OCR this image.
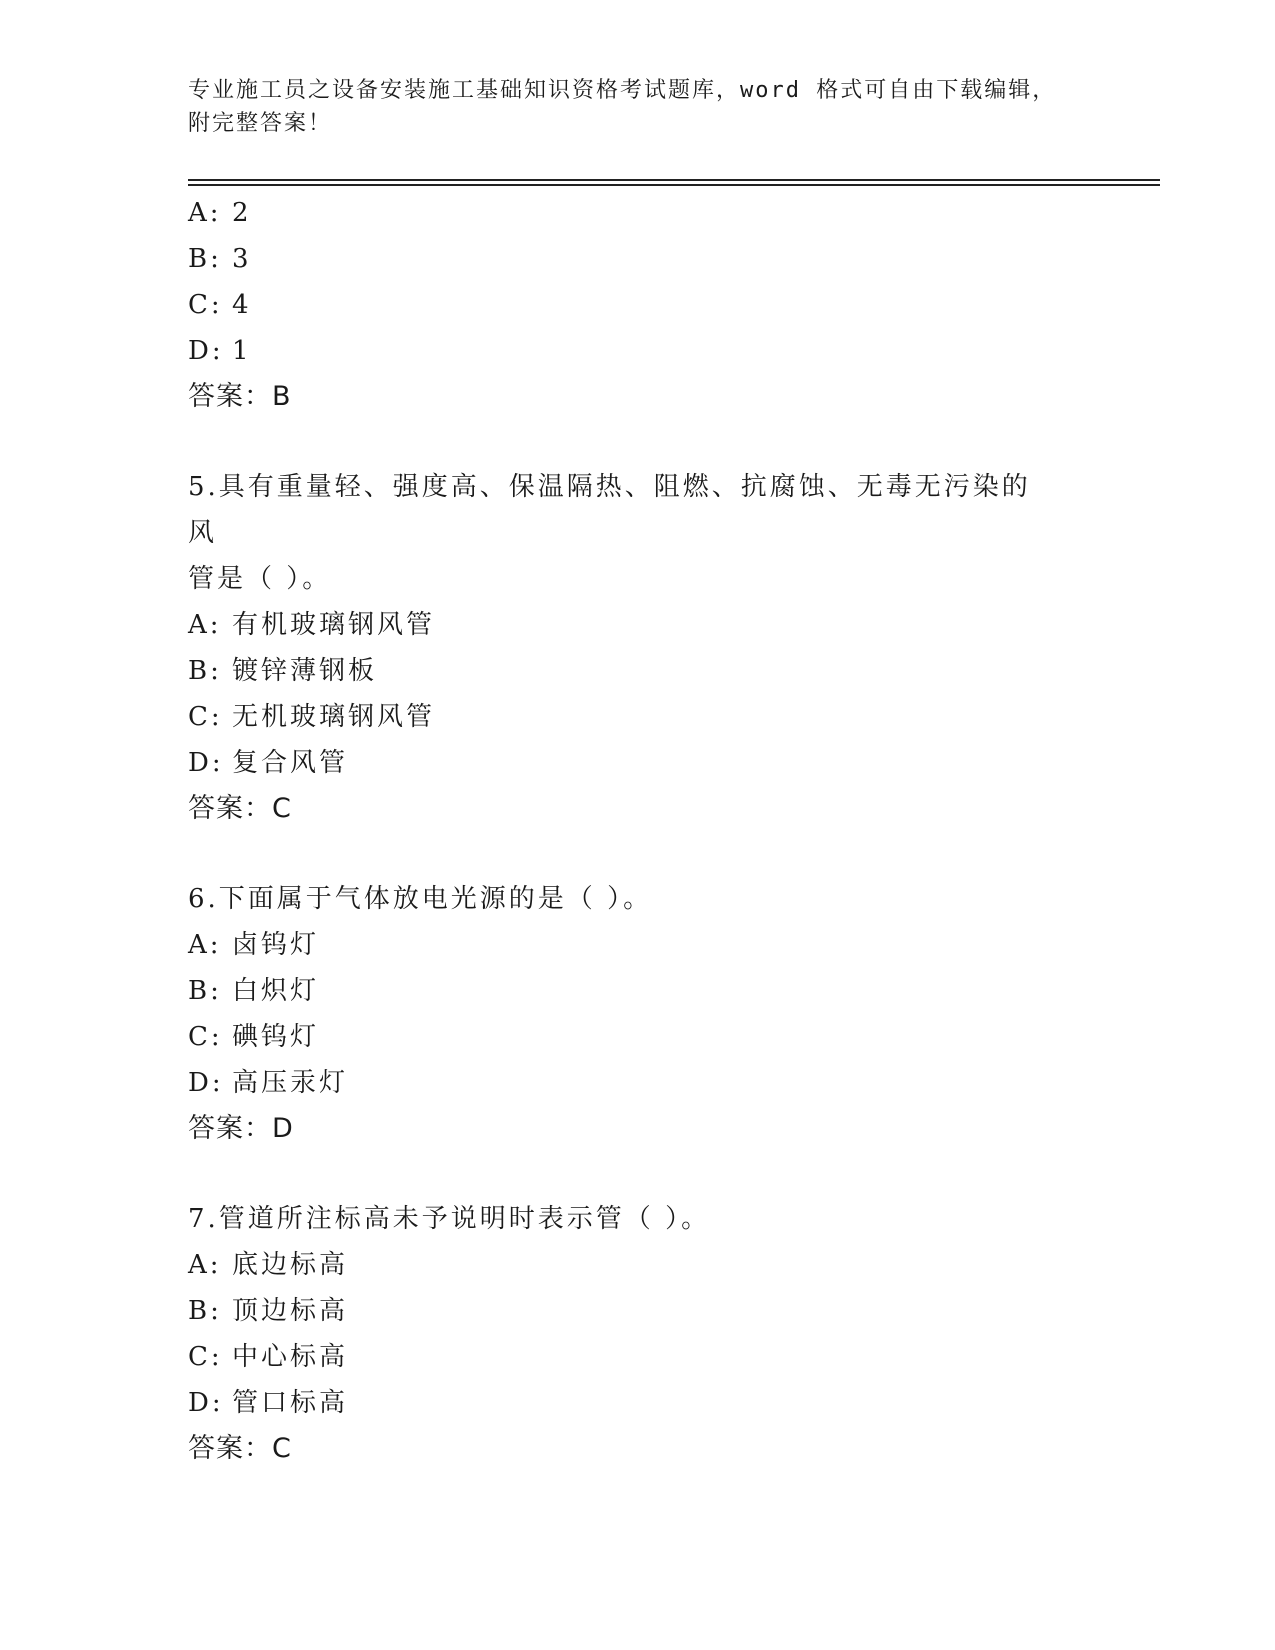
专业施工员之设备安装施工基础知识资格考试题库，word 格式可自由下载编辑，
附完整答案！
A: 2
B: 3
C: 4
D: 1
答案：B
5.具有重量轻、强度高、保温隔热、阻燃、抗腐蚀、无毒无污染的风
管是（ ）。
A: 有机玻璃钢风管
B: 镀锌薄钢板
C: 无机玻璃钢风管
D: 复合风管
答案：C
6.下面属于气体放电光源的是（ ）。
A: 卤钨灯
B: 白炽灯
C: 碘钨灯
D: 高压汞灯
答案：D
7.管道所注标高未予说明时表示管（ ）。
A: 底边标高
B: 顶边标高
C: 中心标高
D: 管口标高
答案：C
